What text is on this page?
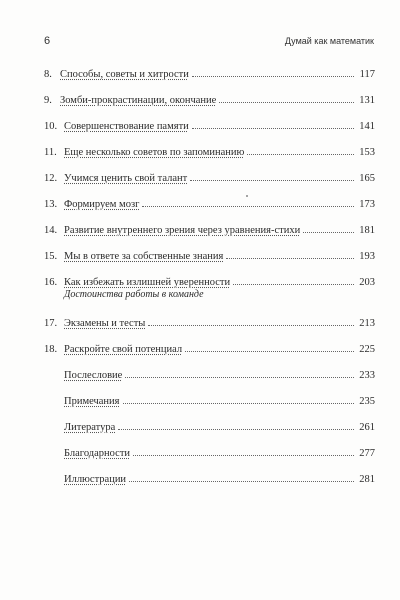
6	Думай как математик
8. Способы, советы и хитрости	117
9. Зомби-прокрастинации, окончание	131
10. Совершенствование памяти	141
11. Еще несколько советов по запоминанию	153
12. Учимся ценить свой талант	165
13. Формируем мозг	173
14. Развитие внутреннего зрения через уравнения-стихи	181
15. Мы в ответе за собственные знания	193
16. Как избежать излишней уверенности	203
Достоинства работы в команде
17. Экзамены и тесты	213
18. Раскройте свой потенциал	225
Послесловие	233
Примечания	235
Литература	261
Благодарности	277
Иллюстрации	281
